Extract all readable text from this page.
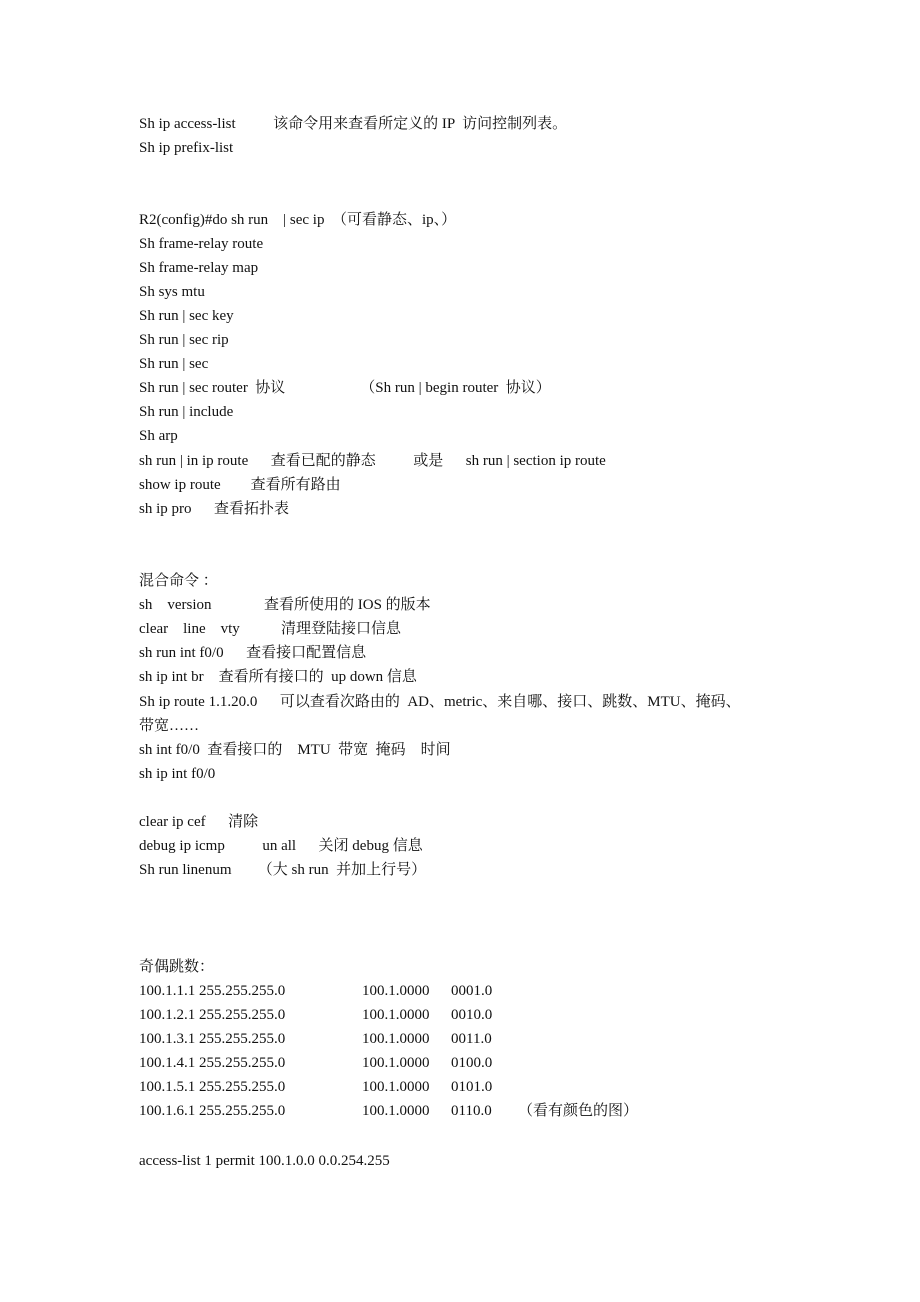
Sh ip access-list          该命令用来查看所定义的 IP  访问控制列表。
Sh ip prefix-list
R2(config)#do sh run    | sec ip  （可看静态、ip、）
Sh frame-relay route
Sh frame-relay map
Sh sys mtu
Sh run | sec key
Sh run | sec rip
Sh run | sec
Sh run | sec router  协议                    （Sh run | begin router  协议）
Sh run | include
Sh arp
sh run | in ip route      查看已配的静态          或是      sh run | section ip route
show ip route        查看所有路由
sh ip pro      查看拓扑表
混合命令 ：
sh    version              查看所使用的 IOS 的版本
clear    line    vty           清理登陆接口信息
sh run int f0/0      查看接口配置信息
sh ip int br    查看所有接口的  up down 信息
Sh ip route 1.1.20.0      可以查看次路由的  AD、metric、来自哪、接口、跳数、MTU、掩码、
带宽……
sh int f0/0  查看接口的    MTU  带宽  掩码    时间
sh ip int f0/0
clear ip cef      清除
debug ip icmp          un all      关闭 debug 信息
Sh run linenum       （大 sh run  并加上行号）
奇偶跳数：
100.1.1.1 255.255.255.0	100.1.0000 0001.0
100.1.2.1 255.255.255.0	100.1.0000 0010.0
100.1.3.1 255.255.255.0	100.1.0000 0011.0
100.1.4.1 255.255.255.0	100.1.0000 0100.0
100.1.5.1 255.255.255.0	100.1.0000 0101.0
100.1.6.1 255.255.255.0	100.1.0000 0110.0 （看有颜色的图）
access-list 1 permit 100.1.0.0 0.0.254.255
